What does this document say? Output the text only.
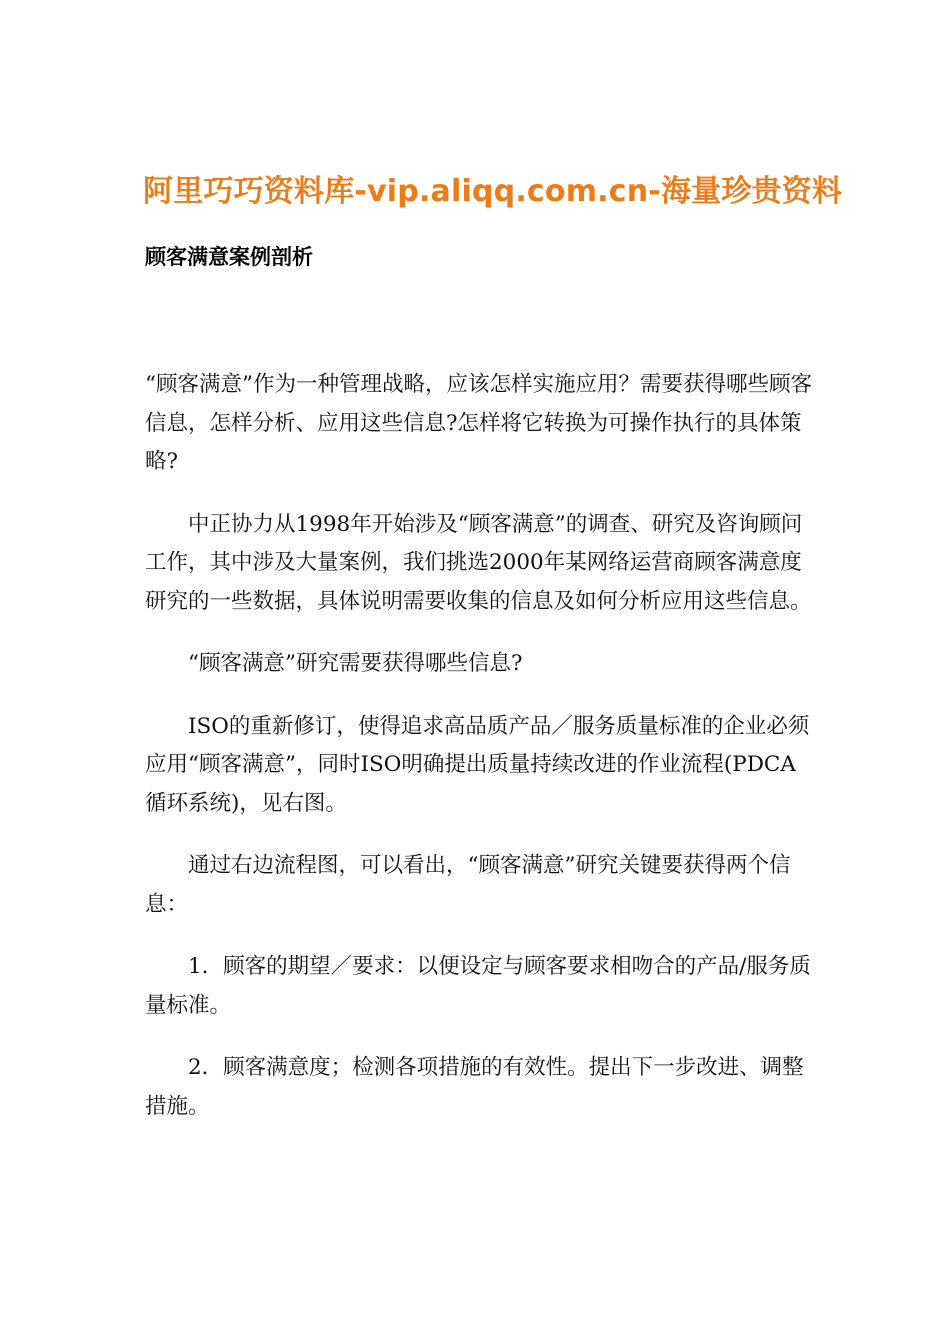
阿里巧巧资料库-vip.aliqq.com.cn-海量珍贵资料
顾客满意案例剖析

“顾客满意”作为一种管理战略，应该怎样实施应用？需要获得哪些顾客信息，怎样分析、应用这些信息?怎样将它转换为可操作执行的具体策略?

中正协力从1998年开始涉及“顾客满意”的调查、研究及咨询顾问工作，其中涉及大量案例，我们挑选2000年某网络运营商顾客满意度研究的一些数据，具体说明需要收集的信息及如何分析应用这些信息。

“顾客满意”研究需要获得哪些信息?

ISO的重新修订，使得追求高品质产品／服务质量标准的企业必须应用“顾客满意”，同时ISO明确提出质量持续改进的作业流程(PDCA循环系统)，见右图。

通过右边流程图，可以看出，“顾客满意”研究关键要获得两个信息：

1．顾客的期望／要求：以便设定与顾客要求相吻合的产品/服务质量标准。

2．顾客满意度；检测各项措施的有效性。提出下一步改进、调整措施。
